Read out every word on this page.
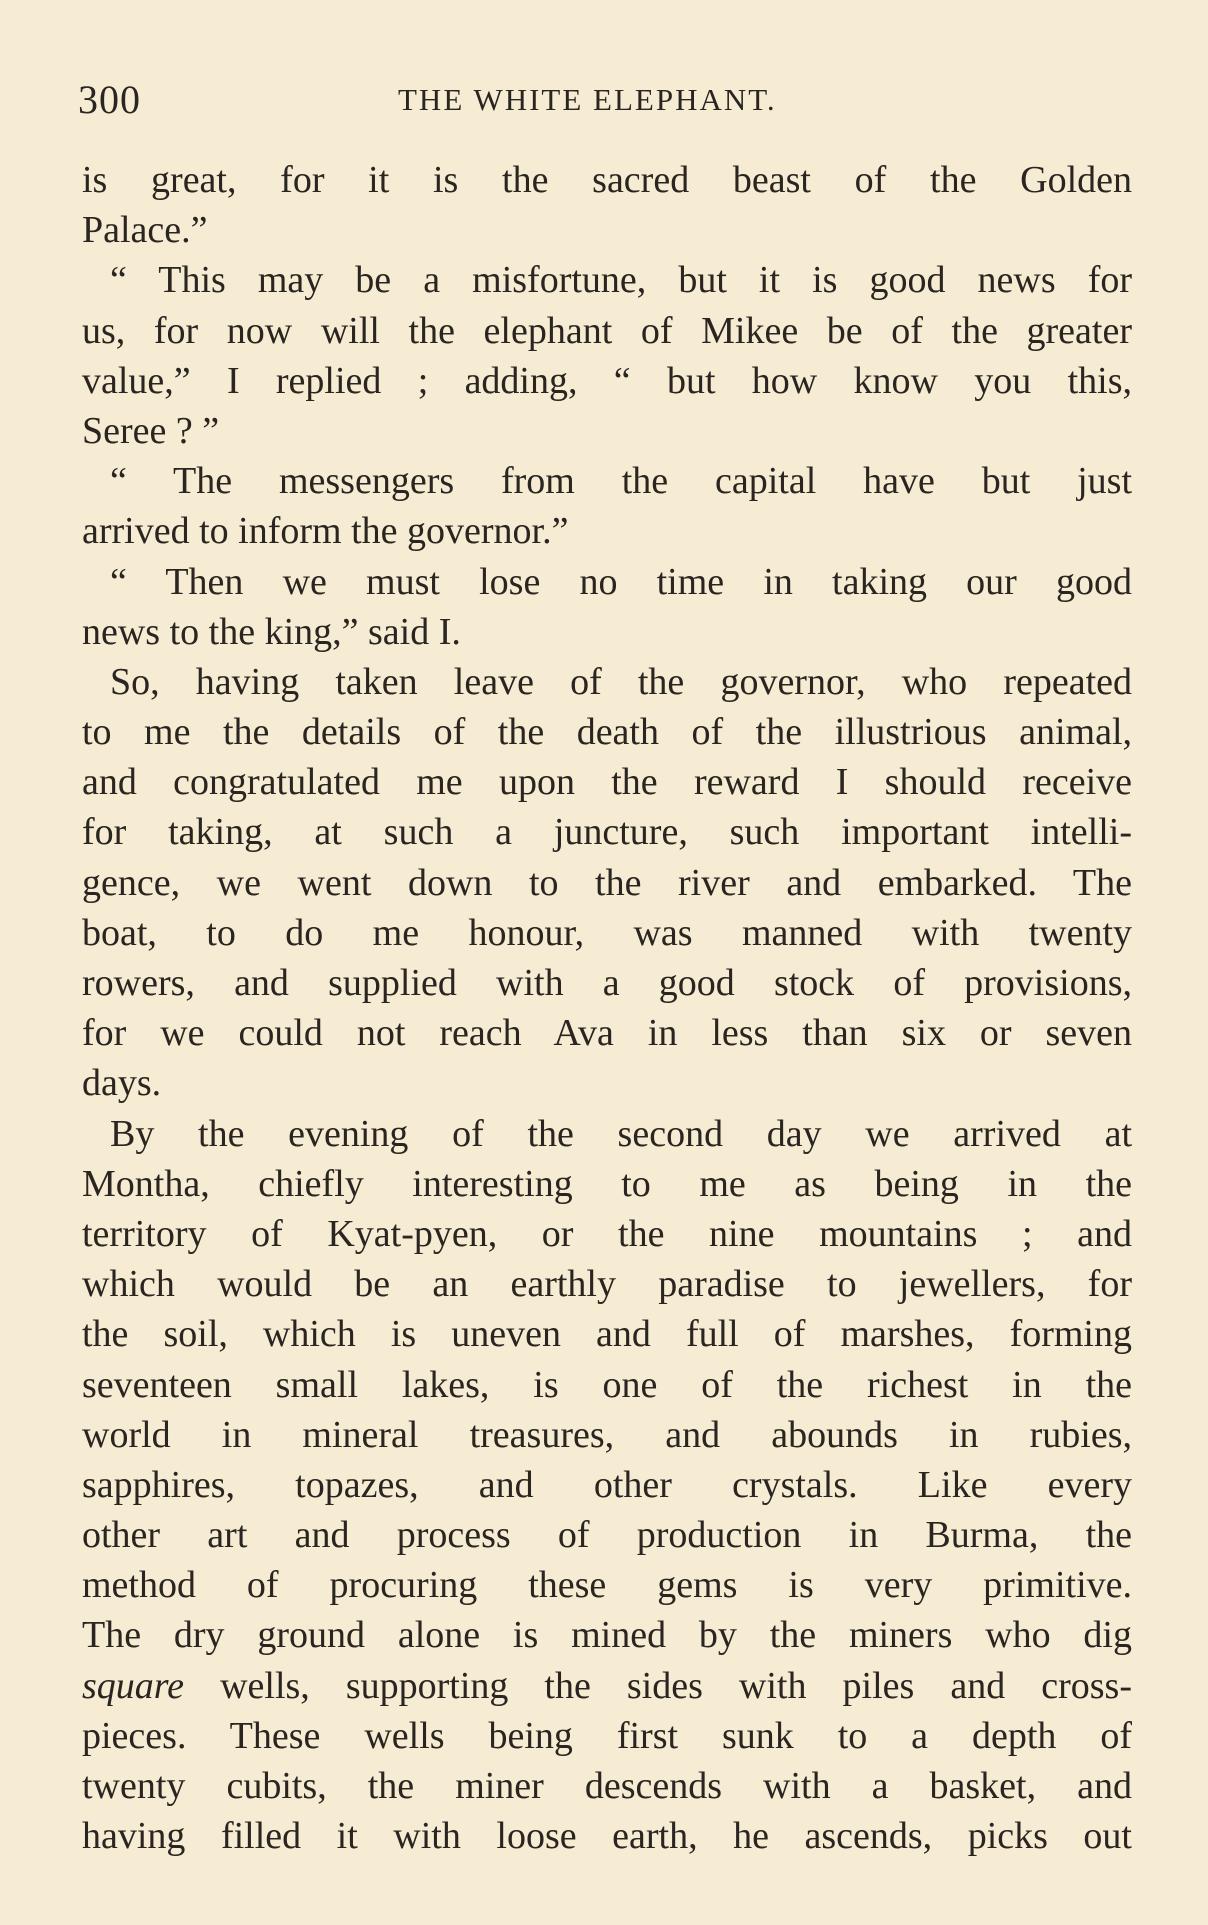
300	THE WHITE ELEPHANT.
is great, for it is the sacred beast of the Golden
Palace.”
“ This may be a misfortune, but it is good news for
us, for now will the elephant of Mikee be of the greater
value,” I replied ; adding, “ but how know you this,
Seree ? ”
“ The messengers from the capital have but just
arrived to inform the governor.”
“ Then we must lose no time in taking our good
news to the king,” said I.
So, having taken leave of the governor, who repeated
to me the details of the death of the illustrious animal,
and congratulated me upon the reward I should receive
for taking, at such a juncture, such important intelli-
gence, we went down to the river and embarked. The
boat, to do me honour, was manned with twenty
rowers, and supplied with a good stock of provisions,
for we could not reach Ava in less than six or seven
days.
By the evening of the second day we arrived at
Montha, chiefly interesting to me as being in the
territory of Kyat-pyen, or the nine mountains ; and
which would be an earthly paradise to jewellers, for
the soil, which is uneven and full of marshes, forming
seventeen small lakes, is one of the richest in the
world in mineral treasures, and abounds in rubies,
sapphires, topazes, and other crystals. Like every
other art and process of production in Burma, the
method of procuring these gems is very primitive.
The dry ground alone is mined by the miners who dig
square wells, supporting the sides with piles and cross-
pieces. These wells being first sunk to a depth of
twenty cubits, the miner descends with a basket, and
having filled it with loose earth, he ascends, picks out
